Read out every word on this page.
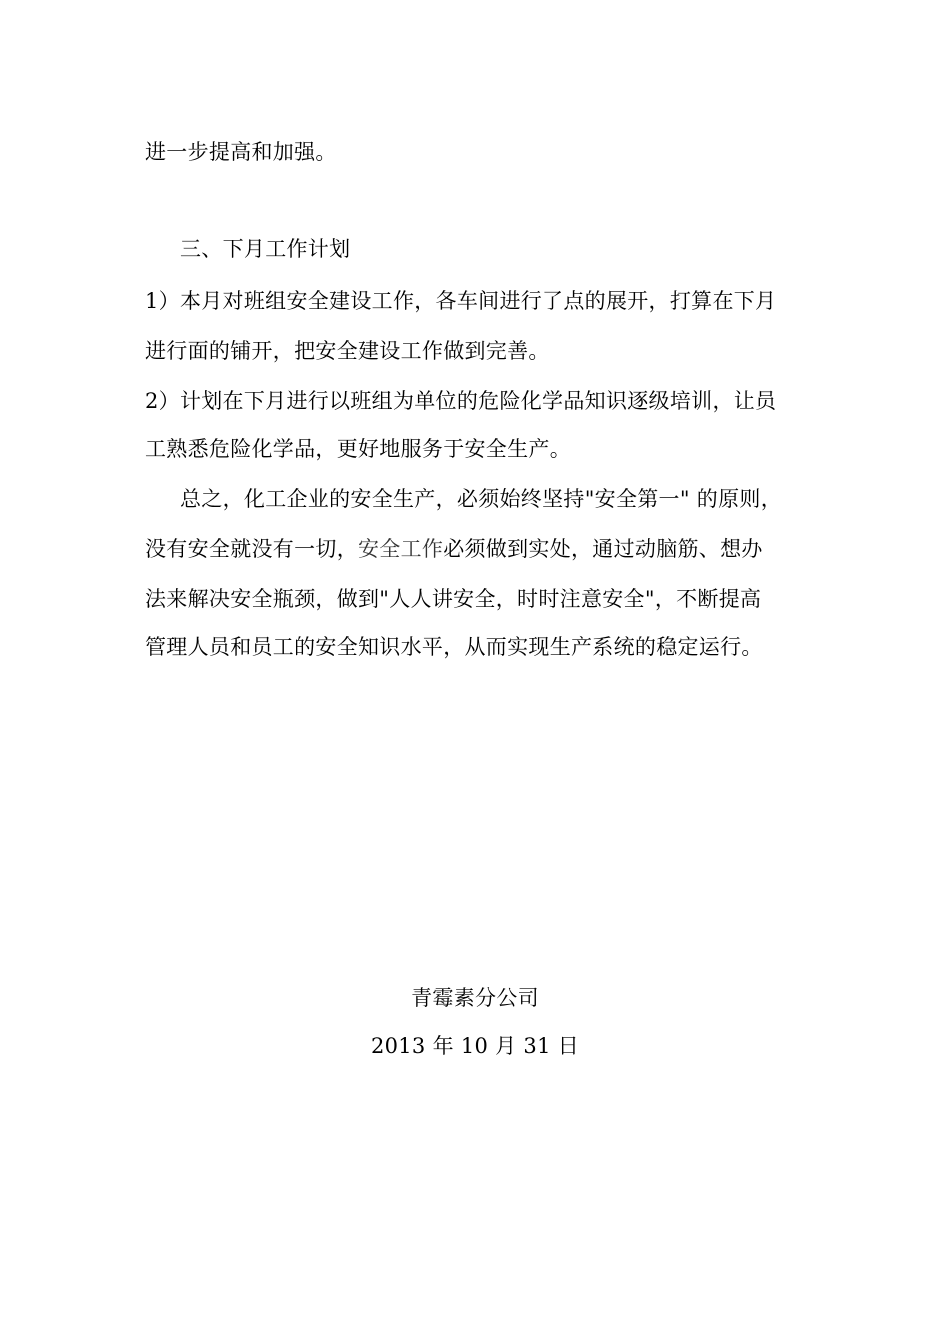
进一步提高和加强。
三、下月工作计划
1）本月对班组安全建设工作，各车间进行了点的展开，打算在下月
进行面的铺开，把安全建设工作做到完善。
2）计划在下月进行以班组为单位的危险化学品知识逐级培训，让员
工熟悉危险化学品，更好地服务于安全生产。
总之，化工企业的安全生产，必须始终坚持"安全第一" 的原则，
没有安全就没有一切，安全工作必须做到实处，通过动脑筋、想办
法来解决安全瓶颈，做到"人人讲安全，时时注意安全"，不断提高
管理人员和员工的安全知识水平，从而实现生产系统的稳定运行。
青霉素分公司
2013 年 10 月 31 日
